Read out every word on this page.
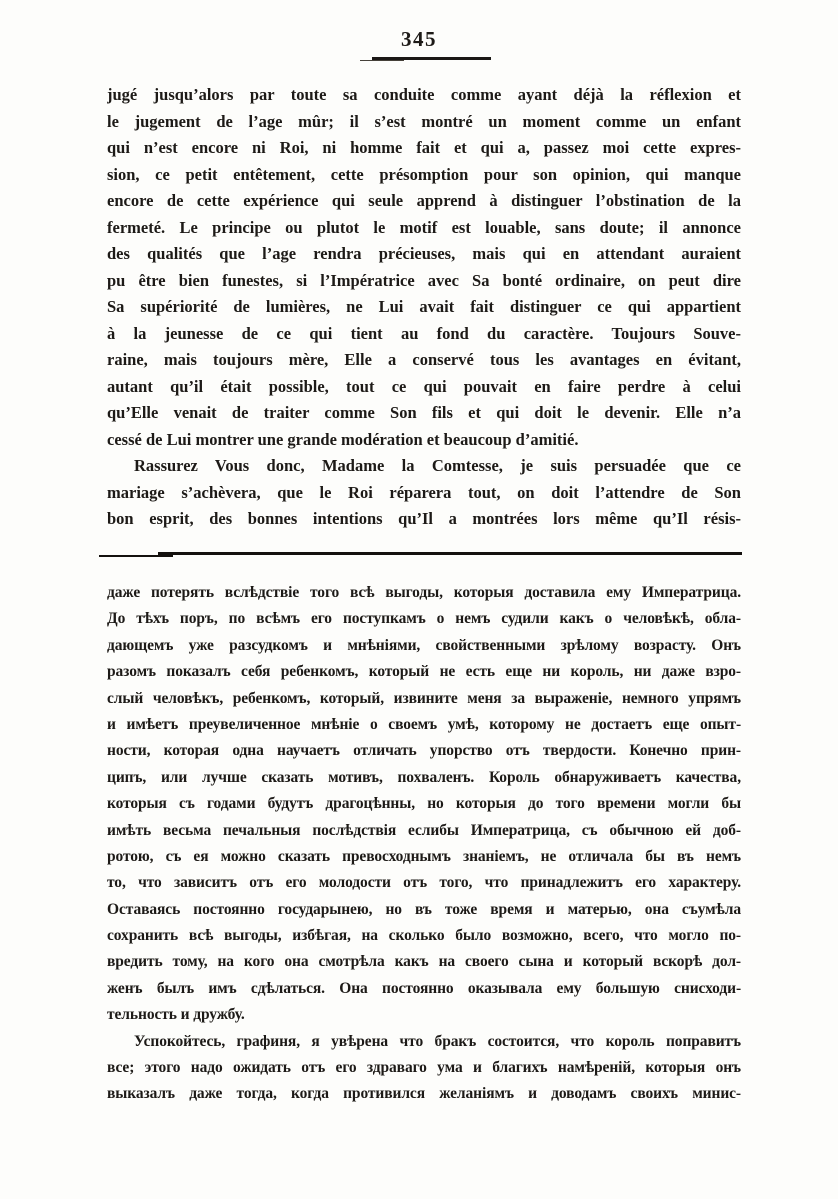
345
jugé jusqu’alors par toute sa conduite comme ayant déjà la réflexion et
le jugement de l’age mûr; il s’est montré un moment comme un enfant
qui n’est encore ni Roi, ni homme fait et qui a, passez moi cette expres-
sion, ce petit entêtement, cette présomption pour son opinion, qui manque
encore de cette expérience qui seule apprend à distinguer l’obstination de la
fermeté. Le principe ou plutot le motif est louable, sans doute; il annonce
des qualités que l’age rendra précieuses, mais qui en attendant auraient
pu être bien funestes, si l’Impératrice avec Sa bonté ordinaire, on peut dire
Sa supériorité de lumières, ne Lui avait fait distinguer ce qui appartient
à la jeunesse de ce qui tient au fond du caractère. Toujours Souve-
raine, mais toujours mère, Elle a conservé tous les avantages en évitant,
autant qu’il était possible, tout ce qui pouvait en faire perdre à celui
qu’Elle venait de traiter comme Son fils et qui doit le devenir. Elle n’a
cessé de Lui montrer une grande modération et beaucoup d’amitié.
Rassurez Vous donc, Madame la Comtesse, je suis persuadée que ce
mariage s’achèvera, que le Roi réparera tout, on doit l’attendre de Son
bon esprit, des bonnes intentions qu’Il a montrées lors même qu’Il résis-
даже потерять вслѣдствіе того всѣ выгоды, которыя доставила ему Императрица.
До тѣхъ поръ, по всѣмъ его поступкамъ о немъ судили какъ о человѣкѣ, обла-
дающемъ уже разсудкомъ и мнѣніями, свойственными зрѣлому возрасту. Онъ
разомъ показалъ себя ребенкомъ, который не есть еще ни король, ни даже взро-
слый человѣкъ, ребенкомъ, который, извините меня за выраженіе, немного упрямъ
и имѣетъ преувеличенное мнѣніе о своемъ умѣ, которому не достаетъ еще опыт-
ности, которая одна научаетъ отличать упорство отъ твердости. Конечно прин-
ципъ, или лучше сказать мотивъ, похваленъ. Король обнаруживаетъ качества,
которыя съ годами будутъ драгоцѣнны, но которыя до того времени могли бы
имѣть весьма печальныя послѣдствія еслибы Императрица, съ обычною ей доб-
ротою, съ ея можно сказать превосходнымъ знаніемъ, не отличала бы въ немъ
то, что зависитъ отъ его молодости отъ того, что принадлежитъ его характеру.
Оставаясь постоянно государынею, но въ тоже время и матерью, она съумѣла
сохранить всѣ выгоды, избѣгая, на сколько было возможно, всего, что могло по-
вредить тому, на кого она смотрѣла какъ на своего сына и который вскорѣ дол-
женъ былъ имъ сдѣлаться. Она постоянно оказывала ему большую снисходи-
тельность и дружбу.
Успокойтесь, графиня, я увѣрена что бракъ состоится, что король поправитъ
все; этого надо ожидать отъ его здраваго ума и благихъ намѣреній, которыя онъ
выказалъ даже тогда, когда противился желаніямъ и доводамъ своихъ минис-
